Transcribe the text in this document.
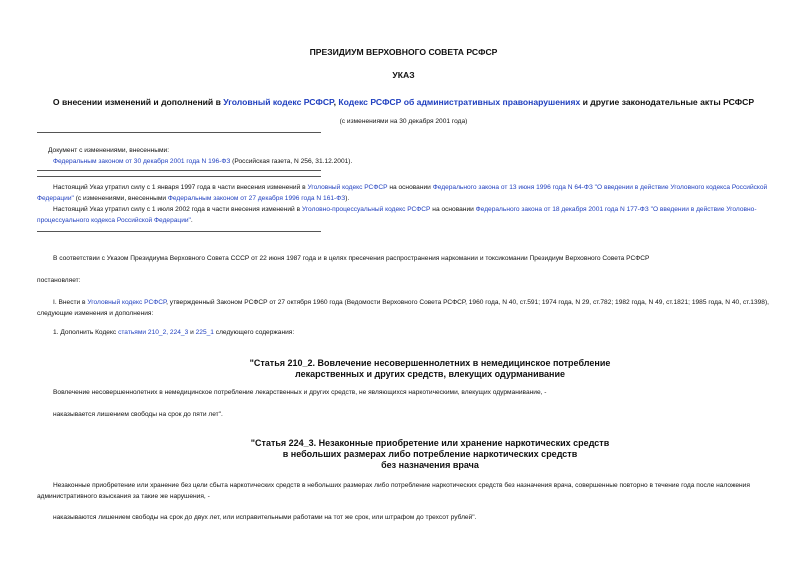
ПРЕЗИДИУМ ВЕРХОВНОГО СОВЕТА РСФСР
УКАЗ
О внесении изменений и дополнений в Уголовный кодекс РСФСР, Кодекс РСФСР об административных правонарушениях и другие законодательные акты РСФСР
(с изменениями на 30 декабря 2001 года)
Документ с изменениями, внесенными:
Федеральным законом от 30 декабря 2001 года N 196-ФЗ (Российская газета, N 256, 31.12.2001).
Настоящий Указ утратил силу с 1 января 1997 года в части внесения изменений в Уголовный кодекс РСФСР на основании Федерального закона от 13 июня 1996 года N 64-ФЗ "О введении в действие Уголовного кодекса Российской Федерации" (с изменениями, внесенными Федеральным законом от 27 декабря 1996 года N 161-ФЗ).
Настоящий Указ утратил силу с 1 июля 2002 года в части внесения изменений в Уголовно-процессуальный кодекс РСФСР на основании Федерального закона от 18 декабря 2001 года N 177-ФЗ "О введении в действие Уголовно-процессуального кодекса Российской Федерации".
В соответствии с Указом Президиума Верховного Совета СССР от 22 июня 1987 года и в целях пресечения распространения наркомании и токсикомании Президиум Верховного Совета РСФСР
постановляет:
I. Внести в Уголовный кодекс РСФСР, утвержденный Законом РСФСР от 27 октября 1960 года (Ведомости Верховного Совета РСФСР, 1960 года, N 40, ст.591; 1974 года, N 29, ст.782; 1982 года, N 49, ст.1821; 1985 года, N 40, ст.1398), следующие изменения и дополнения:
1. Дополнить Кодекс статьями 210_2, 224_3 и 225_1 следующего содержания:
"Статья 210_2. Вовлечение несовершеннолетних в немедицинское потребление
лекарственных и других средств, влекущих одурманивание
Вовлечение несовершеннолетних в немедицинское потребление лекарственных и других средств, не являющихся наркотическими, влекущих одурманивание, -
наказывается лишением свободы на срок до пяти лет".
"Статья 224_3. Незаконные приобретение или хранение наркотических средств
в небольших размерах либо потребление наркотических средств
без назначения врача
Незаконные приобретение или хранение без цели сбыта наркотических средств в небольших размерах либо потребление наркотических средств без назначения врача, совершенные повторно в течение года после наложения административного взыскания за такие же нарушения, -
наказываются лишением свободы на срок до двух лет, или исправительными работами на тот же срок, или штрафом до трехсот рублей".
